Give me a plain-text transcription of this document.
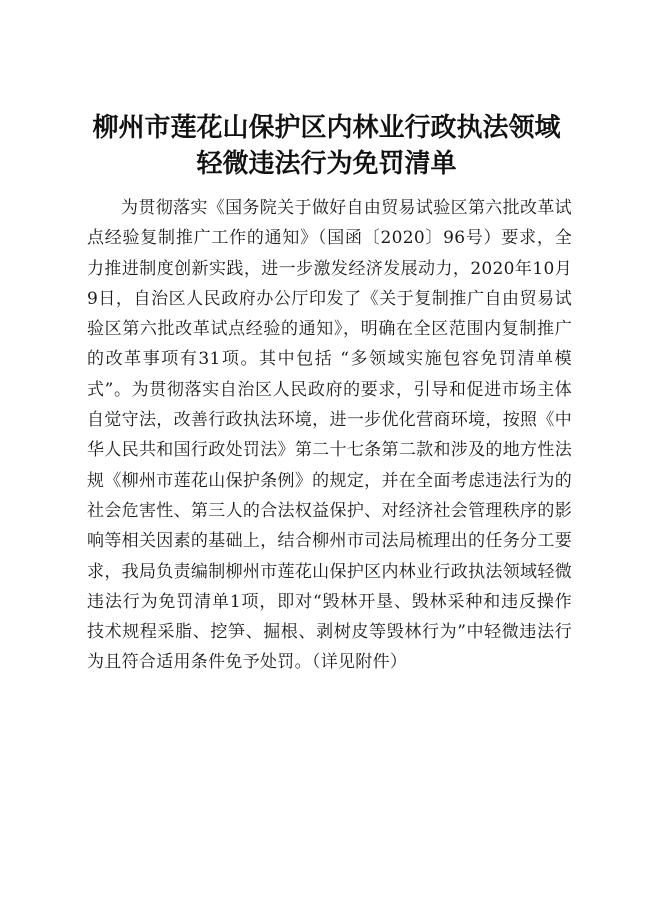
柳州市莲花山保护区内林业行政执法领域
轻微违法行为免罚清单

为贯彻落实《国务院关于做好自由贸易试验区第六批改革试点经验复制推广工作的通知》（国函〔2020〕96号）要求，全力推进制度创新实践，进一步激发经济发展动力，2020年10月9日，自治区人民政府办公厅印发了《关于复制推广自由贸易试验区第六批改革试点经验的通知》，明确在全区范围内复制推广的改革事项有31项。其中包括 “多领域实施包容免罚清单模式”。为贯彻落实自治区人民政府的要求，引导和促进市场主体自觉守法，改善行政执法环境，进一步优化营商环境，按照《中华人民共和国行政处罚法》第二十七条第二款和涉及的地方性法规《柳州市莲花山保护条例》的规定，并在全面考虑违法行为的社会危害性、第三人的合法权益保护、对经济社会管理秩序的影响等相关因素的基础上，结合柳州市司法局梳理出的任务分工要求，我局负责编制柳州市莲花山保护区内林业行政执法领域轻微违法行为免罚清单1项，即对“毁林开垦、毁林采种和违反操作技术规程采脂、挖笋、掘根、剥树皮等毁林行为”中轻微违法行为且符合适用条件免予处罚。（详见附件）
